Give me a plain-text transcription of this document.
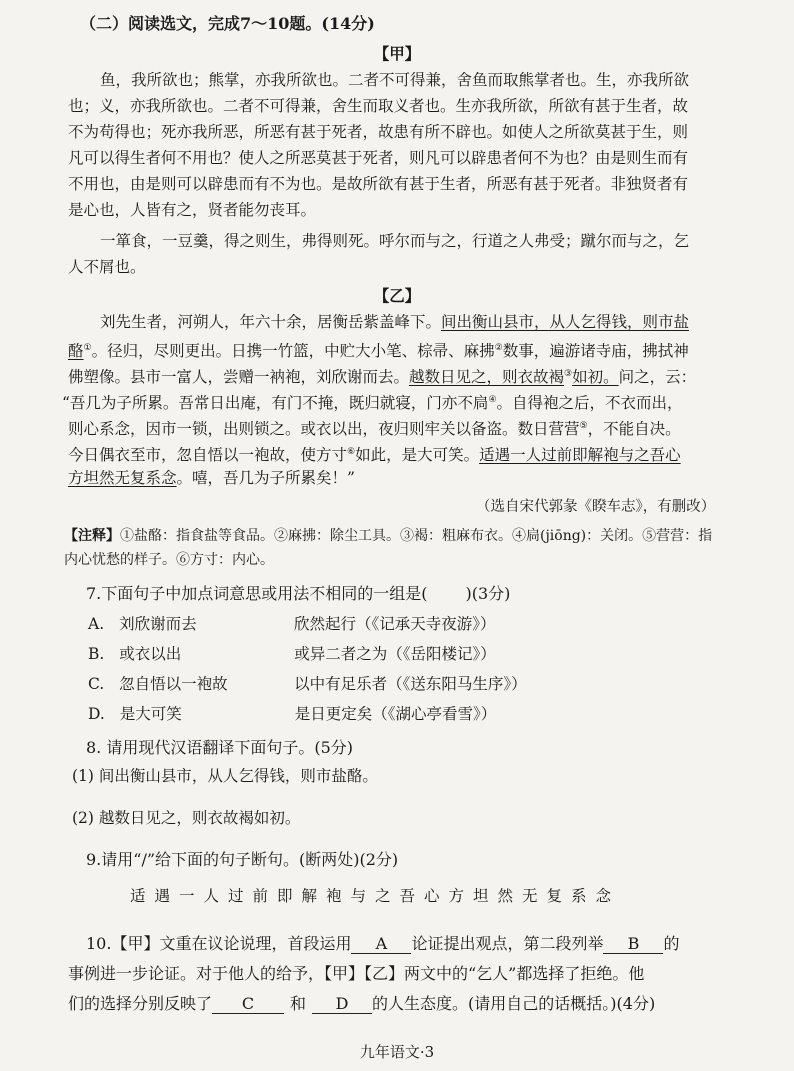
（二）阅读选文，完成7～10题。(14分)
【甲】
鱼，我所欲也；熊掌，亦我所欲也。二者不可得兼，舍鱼而取熊掌者也。生，亦我所欲
也；义，亦我所欲也。二者不可得兼，舍生而取义者也。生亦我所欲，所欲有甚于生者，故
不为苟得也；死亦我所恶，所恶有甚于死者，故患有所不辟也。如使人之所欲莫甚于生，则
凡可以得生者何不用也？使人之所恶莫甚于死者，则凡可以辟患者何不为也？由是则生而有
不用也，由是则可以辟患而有不为也。是故所欲有甚于生者，所恶有甚于死者。非独贤者有
是心也，人皆有之，贤者能勿丧耳。
一箪食，一豆羹，得之则生，弗得则死。呼尔而与之，行道之人弗受；蹴尔而与之，乞
人不屑也。
【乙】
刘先生者，河朔人，年六十余，居衡岳紫盖峰下。间出衡山县市，从人乞得钱，则市盐
酪①。径归，尽则更出。日携一竹篮，中贮大小笔、棕帚、麻拂②数事，遍游诸寺庙，拂拭神
佛塑像。县市一富人，尝赠一衲袍，刘欣谢而去。越数日见之，则衣故褐③如初。问之，云：
“吾几为子所累。吾常日出庵，有门不掩，既归就寝，门亦不扃④。自得袍之后，不衣而出，
则心系念，因市一锁，出则锁之。或衣以出，夜归则牢关以备盗。数日营营⑤，不能自决。
今日偶衣至市，忽自悟以一袍故，使方寸⑥如此，是大可笑。适遇一人过前即解袍与之吾心
方坦然无复系念。嘻，吾几为子所累矣！”
（选自宋代郭彖《睽车志》，有删改）
【注释】①盐酪：指食盐等食品。②麻拂：除尘工具。③褐：粗麻布衣。④扃(jiōng)：关闭。⑤营营：指
内心忧愁的样子。⑥方寸：内心。
7.下面句子中加点词意思或用法不相同的一组是( )(3分)
A. 刘欣谢而去	欣然起行（《记承天寺夜游》）
B. 或衣以出	或异二者之为（《岳阳楼记》）
C. 忽自悟以一袍故	以中有足乐者（《送东阳马生序》）
D. 是大可笑	是日更定矣（《湖心亭看雪》）
8. 请用现代汉语翻译下面句子。(5分)
(1) 间出衡山县市，从人乞得钱，则市盐酪。
(2) 越数日见之，则衣故褐如初。
9.请用“/”给下面的句子断句。(断两处)(2分)
适遇一人过前即解袍与之吾心方坦然无复系念
10.【甲】文重在议论说理，首段运用 A 论证提出观点，第二段列举 B 的
事例进一步论证。对于他人的给予，【甲】【乙】两文中的“乞人”都选择了拒绝。他
们的选择分别反映了 C 和 D 的人生态度。(请用自己的话概括。)(4分)
九年语文·3
